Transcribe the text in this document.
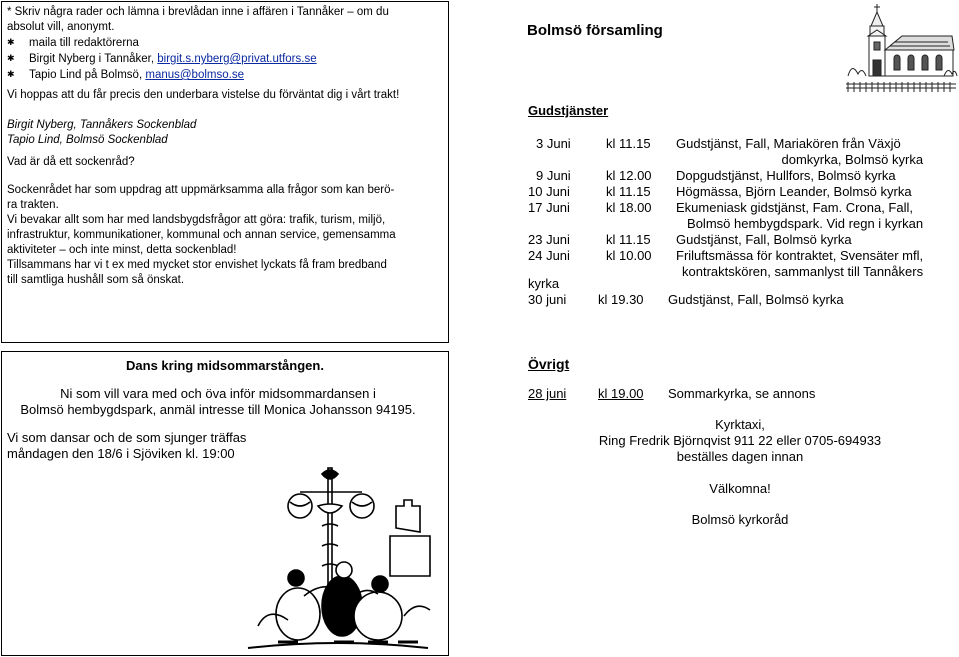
* Skriv några rader och lämna i brevlådan inne i affären i Tannåker – om du
absolut vill, anonymt.
✱ maila till redaktörerna
✱ Birgit Nyberg i Tannåker, birgit.s.nyberg@privat.utfors.se
✱ Tapio Lind på Bolmsö, manus@bolmso.se
Vi hoppas att du får precis den underbara vistelse du förväntat dig i vårt trakt!
Birgit Nyberg, Tannåkers Sockenblad
Tapio Lind, Bolmsö Sockenblad
Vad är då ett sockenråd?
Sockenrådet har som uppdrag att uppmärksamma alla frågor som kan berö-
ra trakten.
Vi bevakar allt som har med landsbygdsfrågor att göra: trafik, turism, miljö,
infrastruktur, kommunikationer, kommunal och annan service, gemensamma
aktiviteter – och inte minst, detta sockenblad!
Tillsammans har vi t ex med mycket stor envishet lyckats få fram bredband
till samtliga hushåll som så önskat.
Bolmsö församling
Gudstjänster
3 Juni	kl 11.15	Gudstjänst, Fall, Mariakören från Växjö
		domkyrka, Bolmsö kyrka
9 Juni	kl 12.00	Dopgudstjänst, Hullfors, Bolmsö kyrka
10 Juni	kl 11.15	Högmässa, Björn Leander, Bolmsö kyrka
17 Juni	kl 18.00	Ekumeniask gidstjänst, Fam. Crona, Fall,
		Bolmsö hembygdspark. Vid regn i kyrkan
23 Juni	kl 11.15	Gudstjänst, Fall, Bolmsö kyrka
24 Juni	kl 10.00	Friluftsmässa för kontraktet, Svensäter mfl,
		kontraktskören, sammanlyst till Tannåkers
kyrka
30 juni	kl 19.30	Gudstjänst, Fall, Bolmsö kyrka
Dans kring midsommarstången.
Ni som vill vara med och öva inför midsommardansen i
Bolmsö hembygdspark, anmäl intresse till Monica Johansson 94195.
Vi som dansar och de som sjunger träffas
måndagen den 18/6 i Sjöviken kl. 19:00
Övrigt
28 juni kl 19.00 Sommarkyrka, se annons
Kyrktaxi,
Ring Fredrik Björnqvist 911 22 eller 0705-694933
beställes dagen innan
Välkomna!
Bolmsö kyrkoråd
